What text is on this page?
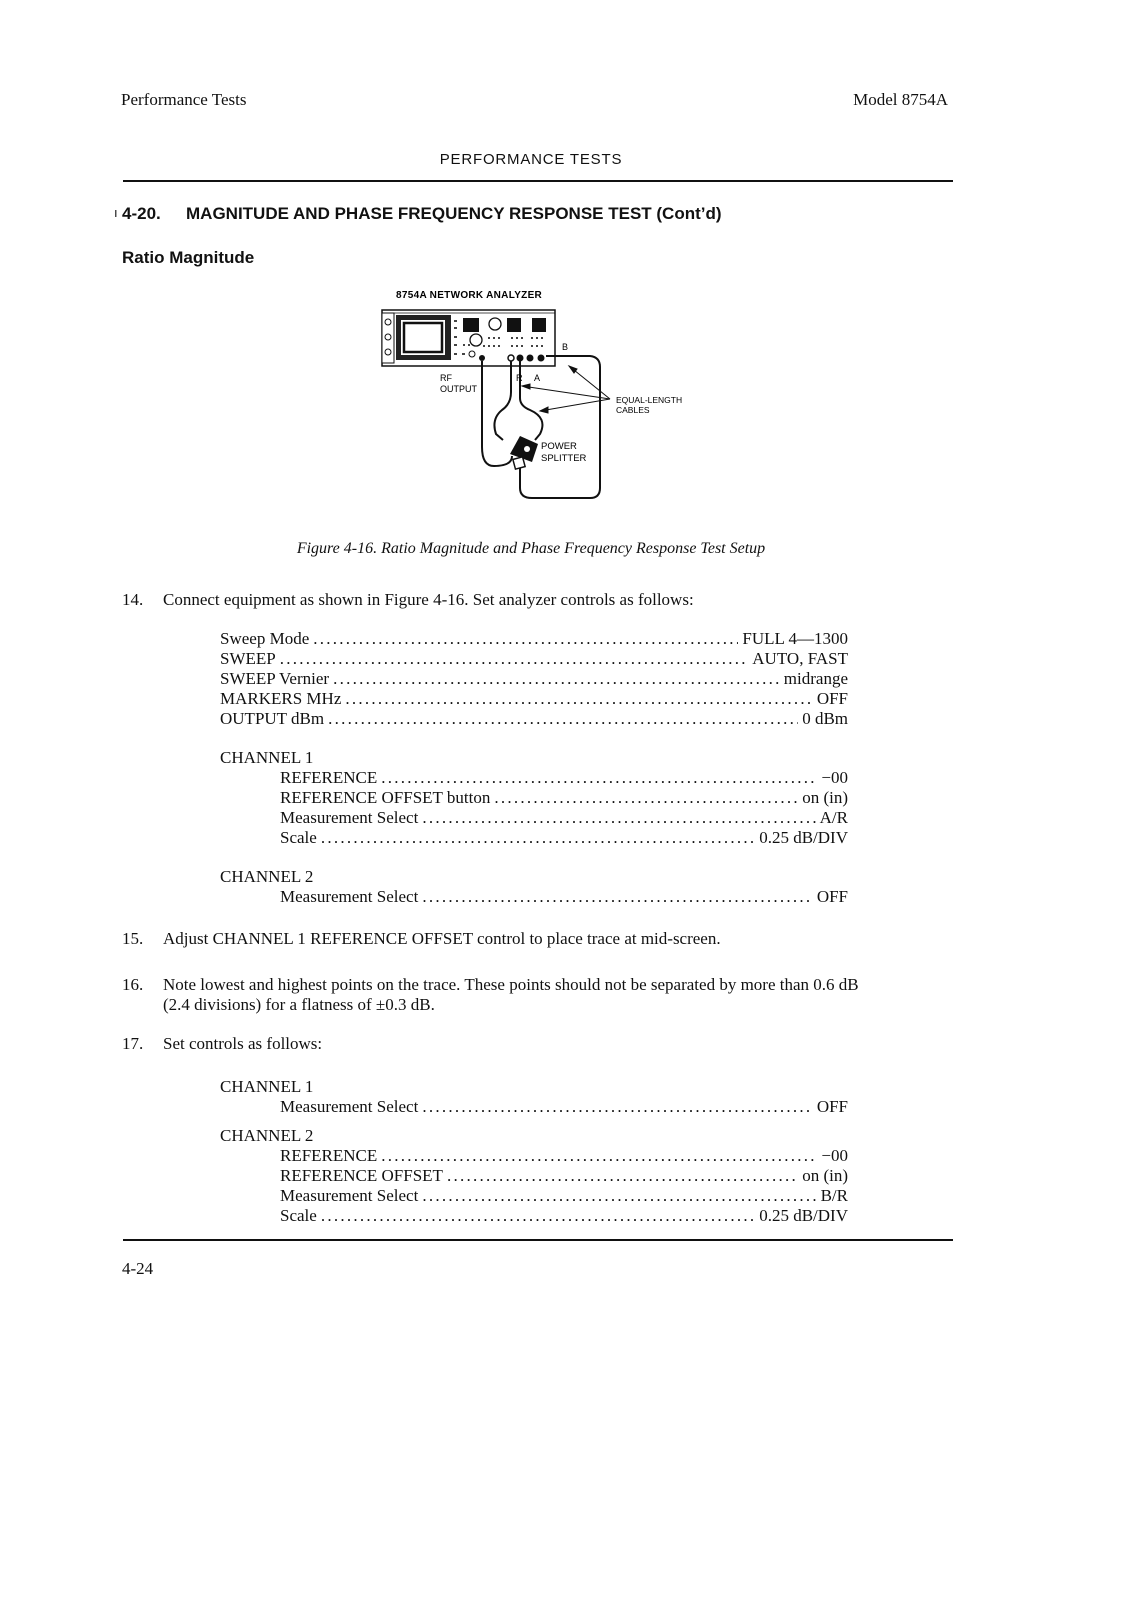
Performance Tests	Model 8754A
PERFORMANCE TESTS
ı 4-20. MAGNITUDE AND PHASE FREQUENCY RESPONSE TEST (Cont’d)
Ratio Magnitude
8754A NETWORK ANALYZER
B
RF
OUTPUT
R A
EQUAL-LENGTH
CABLES
POWER
SPLITTER
Figure 4-16. Ratio Magnitude and Phase Frequency Response Test Setup
14. Connect equipment as shown in Figure 4-16. Set analyzer controls as follows:
Sweep Mode . . .	FULL 4—1300
SWEEP . . .	AUTO, FAST
SWEEP Vernier . . .	midrange
MARKERS MHz . . .	OFF
OUTPUT dBm . . .	0 dBm
CHANNEL 1
REFERENCE . . .	−00
REFERENCE OFFSET button . . .	on (in)
Measurement Select . . .	A/R
Scale . . .	0.25 dB/DIV
CHANNEL 2
Measurement Select . . .	OFF
15. Adjust CHANNEL 1 REFERENCE OFFSET control to place trace at mid-screen.
16. Note lowest and highest points on the trace. These points should not be separated by more than 0.6 dB
(2.4 divisions) for a flatness of ±0.3 dB.
17. Set controls as follows:
CHANNEL 1
Measurement Select . . .	OFF
CHANNEL 2
REFERENCE . . .	−00
REFERENCE OFFSET . . .	on (in)
Measurement Select . . .	B/R
Scale . . .	0.25 dB/DIV
4-24
